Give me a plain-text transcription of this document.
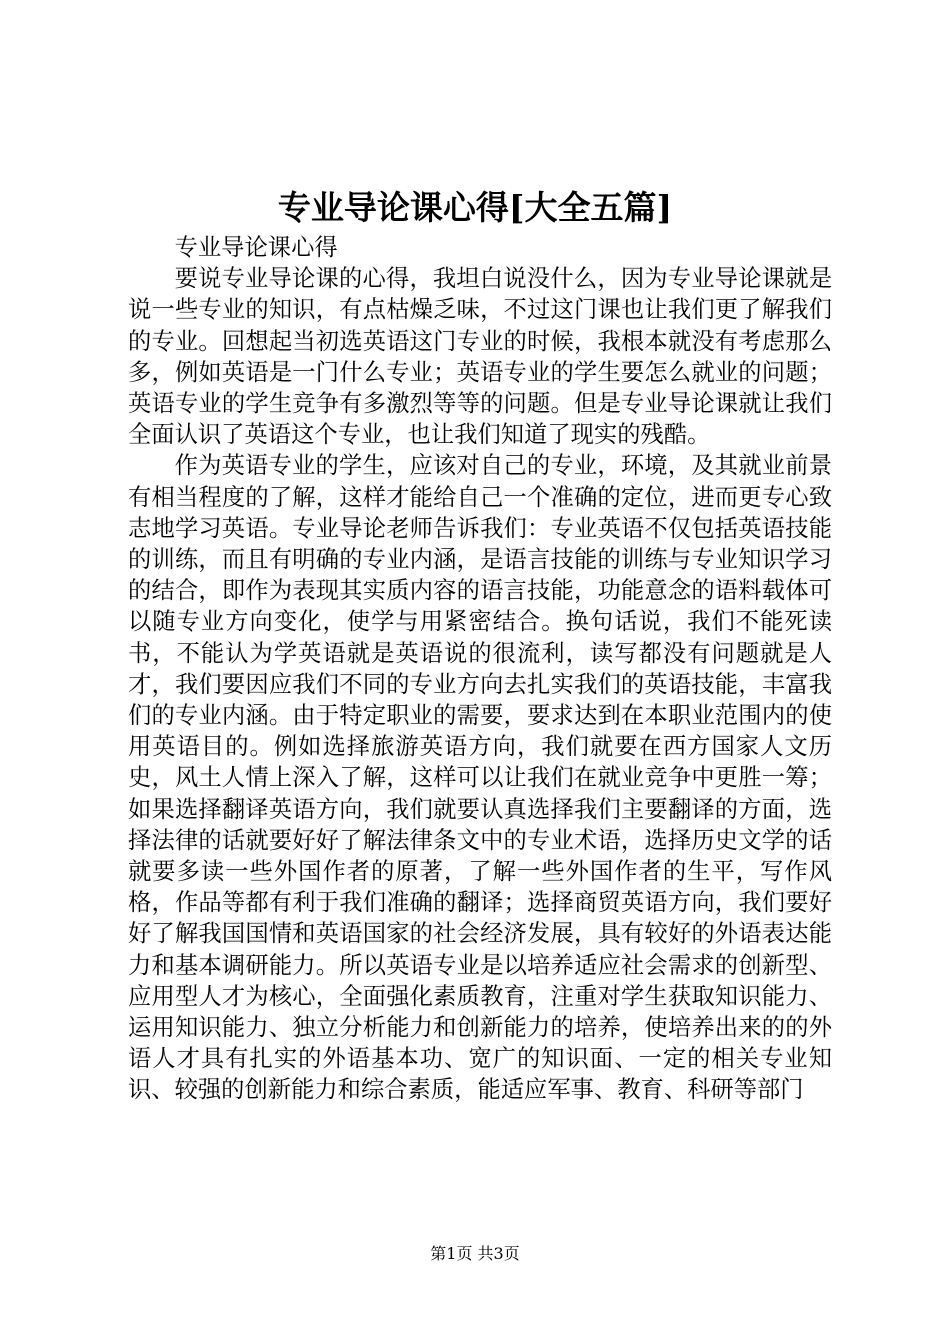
专业导论课心得[大全五篇]

专业导论课心得

要说专业导论课的心得，我坦白说没什么，因为专业导论课就是说一些专业的知识，有点枯燥乏味，不过这门课也让我们更了解我们的专业。回想起当初选英语这门专业的时候，我根本就没有考虑那么多，例如英语是一门什么专业；英语专业的学生要怎么就业的问题；英语专业的学生竞争有多激烈等等的问题。但是专业导论课就让我们全面认识了英语这个专业，也让我们知道了现实的残酷。

作为英语专业的学生，应该对自己的专业，环境，及其就业前景有相当程度的了解，这样才能给自己一个准确的定位，进而更专心致志地学习英语。专业导论老师告诉我们：专业英语不仅包括英语技能的训练，而且有明确的专业内涵，是语言技能的训练与专业知识学习的结合，即作为表现其实质内容的语言技能，功能意念的语料载体可以随专业方向变化，使学与用紧密结合。换句话说，我们不能死读书，不能认为学英语就是英语说的很流利，读写都没有问题就是人才，我们要因应我们不同的专业方向去扎实我们的英语技能，丰富我们的专业内涵。由于特定职业的需要，要求达到在本职业范围内的使用英语目的。例如选择旅游英语方向，我们就要在西方国家人文历史，风土人情上深入了解，这样可以让我们在就业竞争中更胜一筹；如果选择翻译英语方向，我们就要认真选择我们主要翻译的方面，选择法律的话就要好好了解法律条文中的专业术语，选择历史文学的话就要多读一些外国作者的原著，了解一些外国作者的生平，写作风格，作品等都有利于我们准确的翻译；选择商贸英语方向，我们要好好了解我国国情和英语国家的社会经济发展，具有较好的外语表达能力和基本调研能力。所以英语专业是以培养适应社会需求的创新型、应用型人才为核心，全面强化素质教育，注重对学生获取知识能力、运用知识能力、独立分析能力和创新能力的培养，使培养出来的的外语人才具有扎实的外语基本功、宽广的知识面、一定的相关专业知识、较强的创新能力和综合素质，能适应军事、教育、科研等部门

第1页 共3页
